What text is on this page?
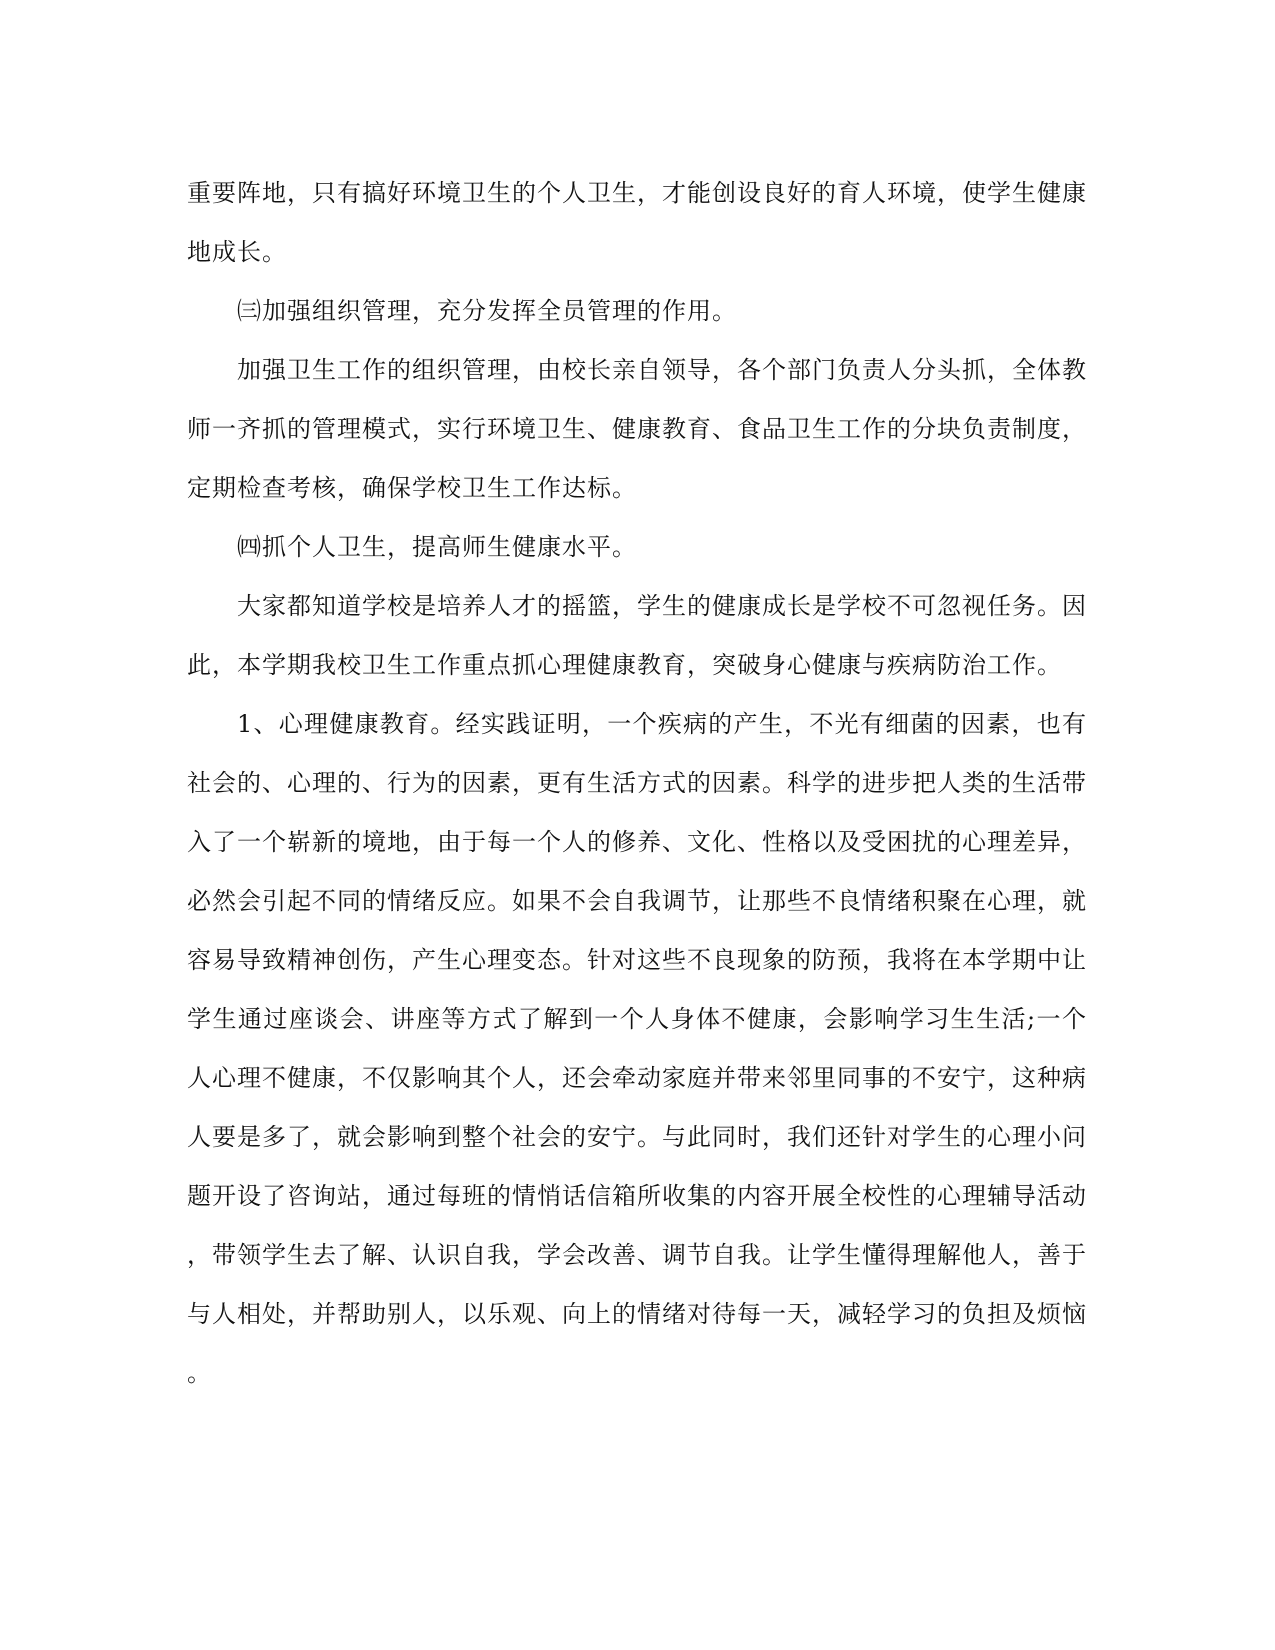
重要阵地，只有搞好环境卫生的个人卫生，才能创设良好的育人环境，使学生健康
地成长。
㈢加强组织管理，充分发挥全员管理的作用。
加强卫生工作的组织管理，由校长亲自领导，各个部门负责人分头抓，全体教
师一齐抓的管理模式，实行环境卫生、健康教育、食品卫生工作的分块负责制度，
定期检查考核，确保学校卫生工作达标。
㈣抓个人卫生，提高师生健康水平。
大家都知道学校是培养人才的摇篮，学生的健康成长是学校不可忽视任务。因
此，本学期我校卫生工作重点抓心理健康教育，突破身心健康与疾病防治工作。
1、心理健康教育。经实践证明，一个疾病的产生，不光有细菌的因素，也有
社会的、心理的、行为的因素，更有生活方式的因素。科学的进步把人类的生活带
入了一个崭新的境地，由于每一个人的修养、文化、性格以及受困扰的心理差异，
必然会引起不同的情绪反应。如果不会自我调节，让那些不良情绪积聚在心理，就
容易导致精神创伤，产生心理变态。针对这些不良现象的防预，我将在本学期中让
学生通过座谈会、讲座等方式了解到一个人身体不健康，会影响学习生生活;一个
人心理不健康，不仅影响其个人，还会牵动家庭并带来邻里同事的不安宁，这种病
人要是多了，就会影响到整个社会的安宁。与此同时，我们还针对学生的心理小问
题开设了咨询站，通过每班的情悄话信箱所收集的内容开展全校性的心理辅导活动
，带领学生去了解、认识自我，学会改善、调节自我。让学生懂得理解他人，善于
与人相处，并帮助别人，以乐观、向上的情绪对待每一天，减轻学习的负担及烦恼
。
